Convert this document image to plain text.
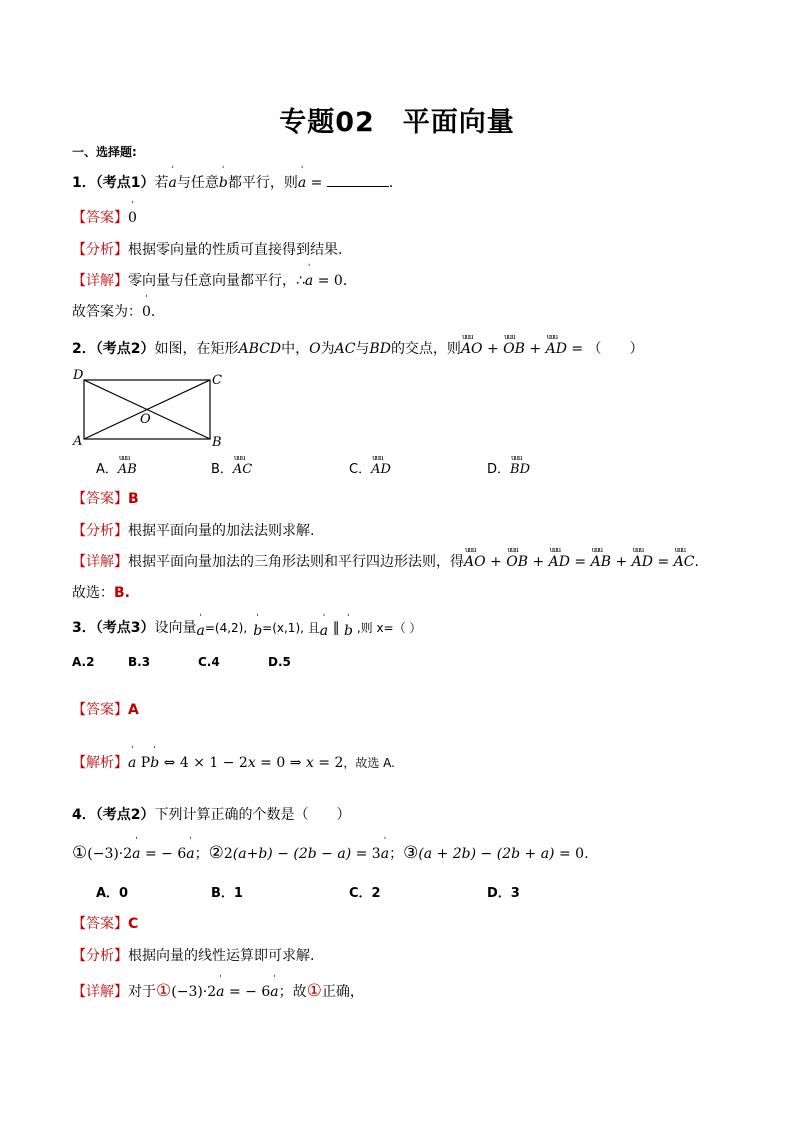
专题02　平面向量
一、选择题:
1．（考点1）若ˈ a与任意ˈ b都平行，则ˈ a =	．
【答案】ˈ 0
【分析】根据零向量的性质可直接得到结果.
【详解】零向量与任意向量都平行，∴ˈ a = 0．
故答案为：ˈ 0．
2．（考点2）如图，在矩形ABCD中，O为AC与BD的交点，则uuu AO + uuu OB + uuu AD = （　　）
D	C
A	B
O
A．uuu AB	B．uuu AC	C．uuu AD	D．uuu BD
【答案】B
【分析】根据平面向量的加法法则求解.
【详解】根据平面向量加法的三角形法则和平行四边形法则，得uuu AO + uuu OB + uuu AD = uuu AB + uuu AD = uuu AC.
故选：B.
3．（考点3）设向量ˈ a=(4,2),ˈ b=(x,1), 且ˈ a ∥ ˈ b ,则 x=（ ）
A.2	B.3	C.4	D.5
【答案】A
【解析】ˈ a Pˈ b ⇔ 4 × 1 − 2x = 0 ⇒ x = 2，故选 A.
4．（考点2）下列计算正确的个数是（　　）
①(−3)·2ˈ a = − 6ˈ a；②2(a+b) − (2b − a) = 3ˈ a；③(a + 2b) − (2b + a) = 0.
A．0	B．1	C．2	D．3
【答案】C
【分析】根据向量的线性运算即可求解.
【详解】对于①(−3)·2ˈ a = − 6ˈ a；故①正确，
